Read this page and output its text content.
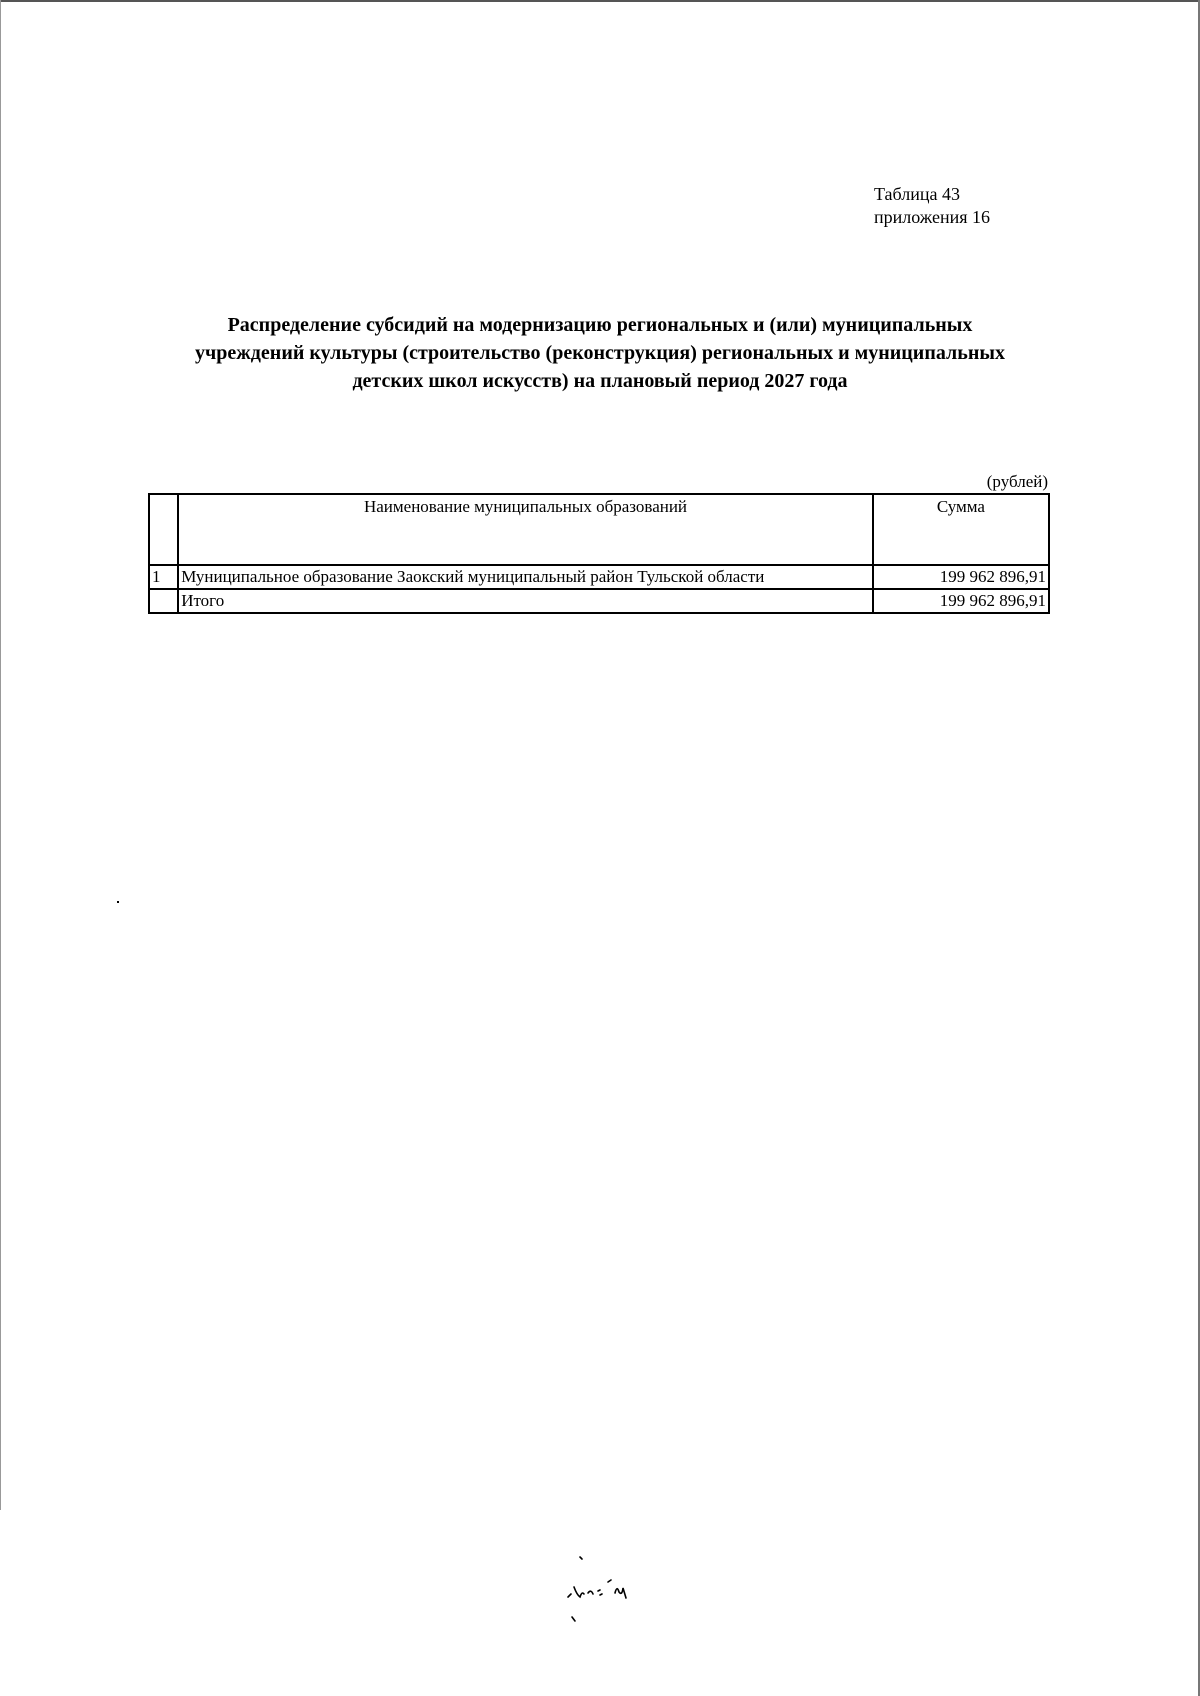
Таблица 43
приложения 16
Распределение субсидий на модернизацию региональных и (или) муниципальных
учреждений культуры (строительство (реконструкция) региональных и муниципальных
детских школ искусств) на плановый период 2027 года
(рублей)
	Наименование муниципальных образований	Сумма
1	Муниципальное образование Заокский муниципальный район Тульской области	199 962 896,91
	Итого	199 962 896,91
